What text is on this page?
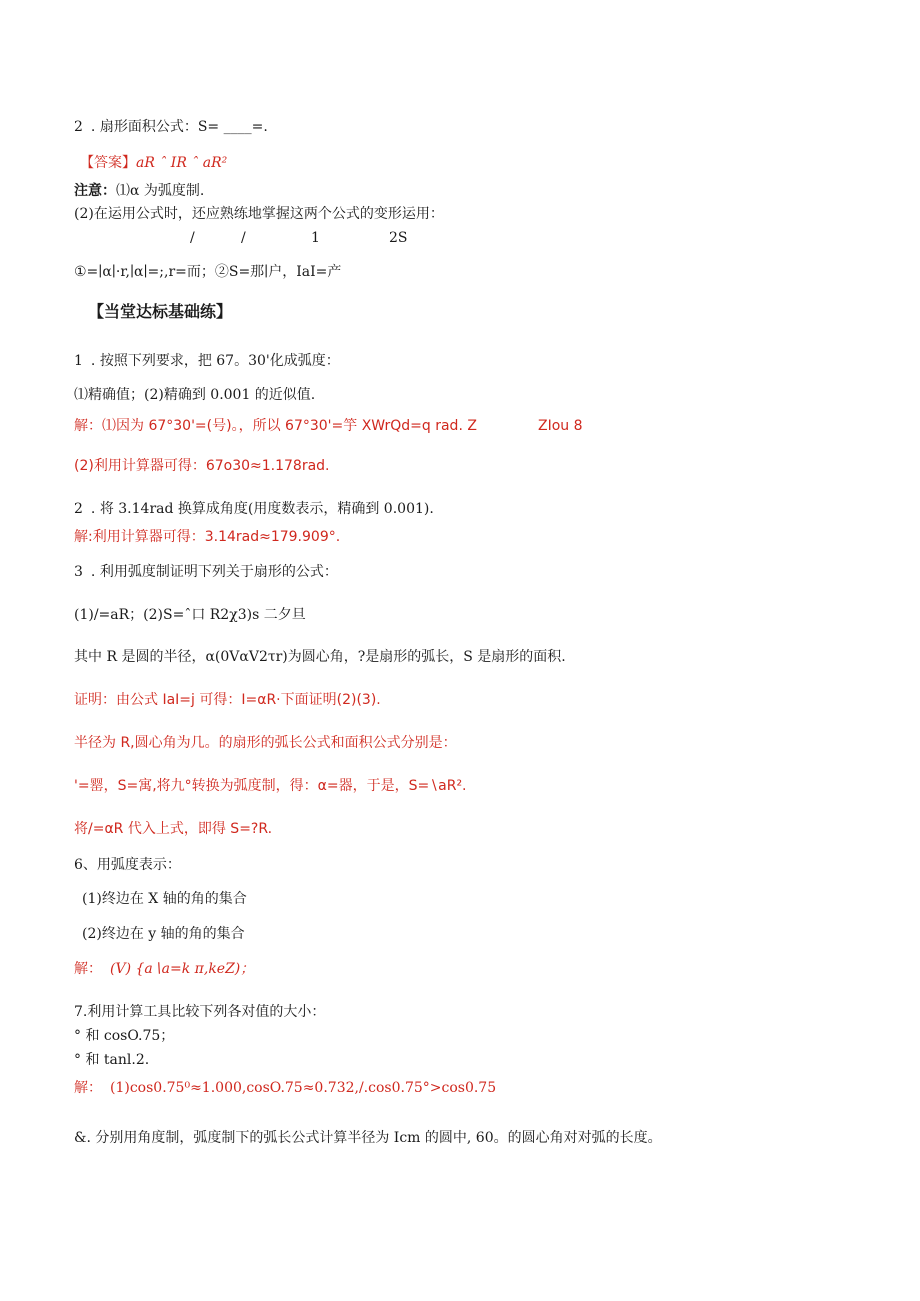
2 . 扇形面积公式：S= ____=.
【答案】aR ˆ IR ˆ aR²
注意：⑴α 为弧度制.
(2)在运用公式时，还应熟练地掌握这两个公式的变形运用：
/	/	1	2S
①=∣α∣·r,∣α∣=;,r=而；②S=那∣户，IaI=产
【当堂达标基础练】
1 . 按照下列要求，把 67。30'化成弧度：
⑴精确值；(2)精确到 0.001 的近似值.
解：⑴因为 67°30'=(号)。，所以 67°30'=竽 XWrQd=q rad. Z	ZIou 8
(2)利用计算器可得：67o30≈1.178rad.
2 . 将 3.14rad 换算成角度(用度数表示，精确到 0.001).
解:利用计算器可得：3.14rad≈179.909°.
3 . 利用弧度制证明下列关于扇形的公式：
(1)/=aR；(2)S=ˆ口 R2χ3)s 二夕旦
其中 R 是圆的半径，α(0VαV2τr)为圆心角，?是扇形的弧长，S 是扇形的面积.
证明：由公式 IaI=j 可得：I=αR·下面证明(2)(3).
半径为 R,圆心角为几。的扇形的弧长公式和面积公式分别是：
'=罂，S=寓,将九°转换为弧度制，得：α=器，于是，S=∖aR².
将/=αR 代入上式，即得 S=?R.
6、用弧度表示：
(1)终边在 X 轴的角的集合
(2)终边在 y 轴的角的集合
解： (V) {a∖a=k π,keZ)；
7.利用计算工具比较下列各对值的大小：
° 和 cosO.75；
° 和 tanl.2.
解： (1)cos0.75⁰≈1.000,cosO.75≈0.732,/.cos0.75°>cos0.75
&. 分别用角度制，弧度制下的弧长公式计算半径为 Icm 的圆中, 60。的圆心角对对弧的长度。
